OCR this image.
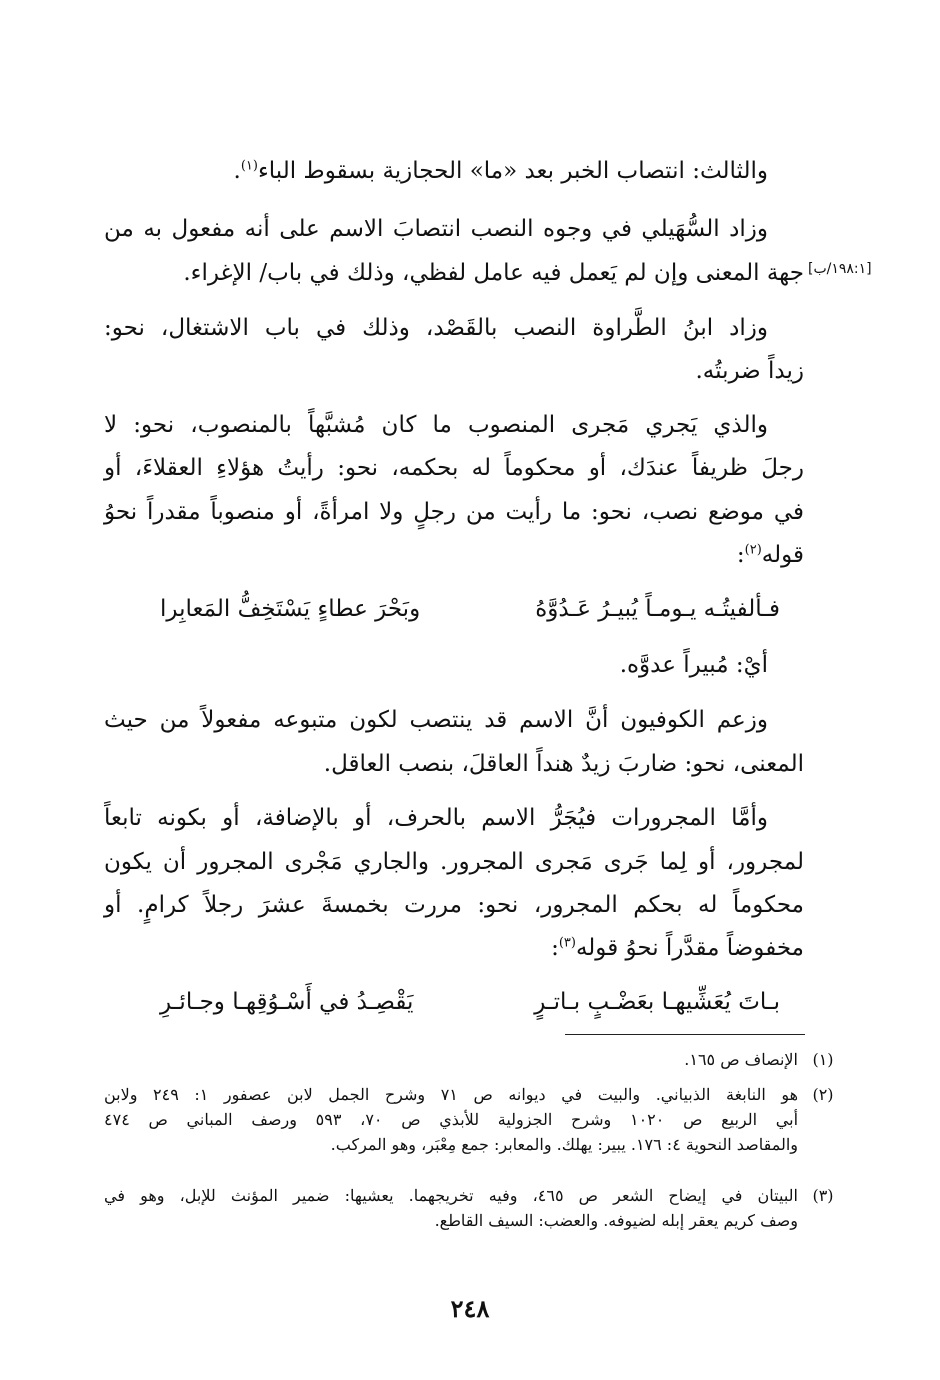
والثالث: انتصاب الخبر بعد «ما» الحجازية بسقوط الباء$^{(١)}$.
وزاد السُّهَيلي في وجوه النصب انتصابَ الاسم على أنه مفعول به من
جهة المعنى وإن لم يَعمل فيه عامل لفظي، وذلك في باب/ الإغراء.
وزاد ابنُ الطَّراوة النصب بالقَصْد، وذلك في باب الاشتغال، نحو:
زيداً ضربتُه.
والذي يَجري مَجرى المنصوب ما كان مُشبَّهاً بالمنصوب، نحو: لا
رجلَ ظريفاً عندَك، أو محكوماً له بحكمه، نحو: رأيتُ هؤلاءِ العقلاءَ، أو
في موضع نصب، نحو: ما رأيت من رجلٍ ولا امرأةً، أو منصوباً مقدراً نحوُ
قوله$^{(٢)}$:
أيْ: مُبيراً عدوَّه.
وزعم الكوفيون أنَّ الاسم قد ينتصب لكون متبوعه مفعولاً من حيث
المعنى، نحو: ضاربَ زيدٌ هنداً العاقلَ، بنصب العاقل.
وأمَّا المجرورات فيُجَرُّ الاسم بالحرف، أو بالإضافة، أو بكونه تابعاً
لمجرور، أو لِما جَرى مَجرى المجرور. والجاري مَجْرى المجرور أن يكون
محكوماً له بحكم المجرور، نحو: مررت بخمسةَ عشرَ رجلاً كرامٍ. أو
مخفوضاً مقدَّراً نحوُ قوله$^{(٣)}$:
[١٩٨:١/ب]
فـألفيتُـه يـومـاً يُبيـرُ عَـدُوَّهُ
وبَحْرَ عطاءٍ يَسْتَخِفُّ المَعابِرا
بـاتَ يُعَشِّيهـا بعَضْـبٍ بـاتـرٍ
يَقْصِـدُ في أَسْـوُقِهـا وجـائـرِ
الإنصاف ص ١٦٥. (١)
هو النابغة الذبياني. والبيت في ديوانه ص ٧١ وشرح الجمل لابن عصفور ١: ٢٤٩ ولابن
أبي الربيع ص ١٠٢٠ وشرح الجزولية للأبذي ص ٧٠، ٥٩٣ ورصف المباني ص ٤٧٤
والمقاصد النحوية ٤: ١٧٦. يبير: يهلك. والمعابر: جمع مِعْبَر، وهو المركب.
(٢)
البيتان في إيضاح الشعر ص ٤٦٥، وفيه تخريجهما. يعشيها: ضمير المؤنث للإبل، وهو في
وصف كريم يعقر إبله لضيوفه. والعضب: السيف القاطع.
(٣)
٢٤٨
